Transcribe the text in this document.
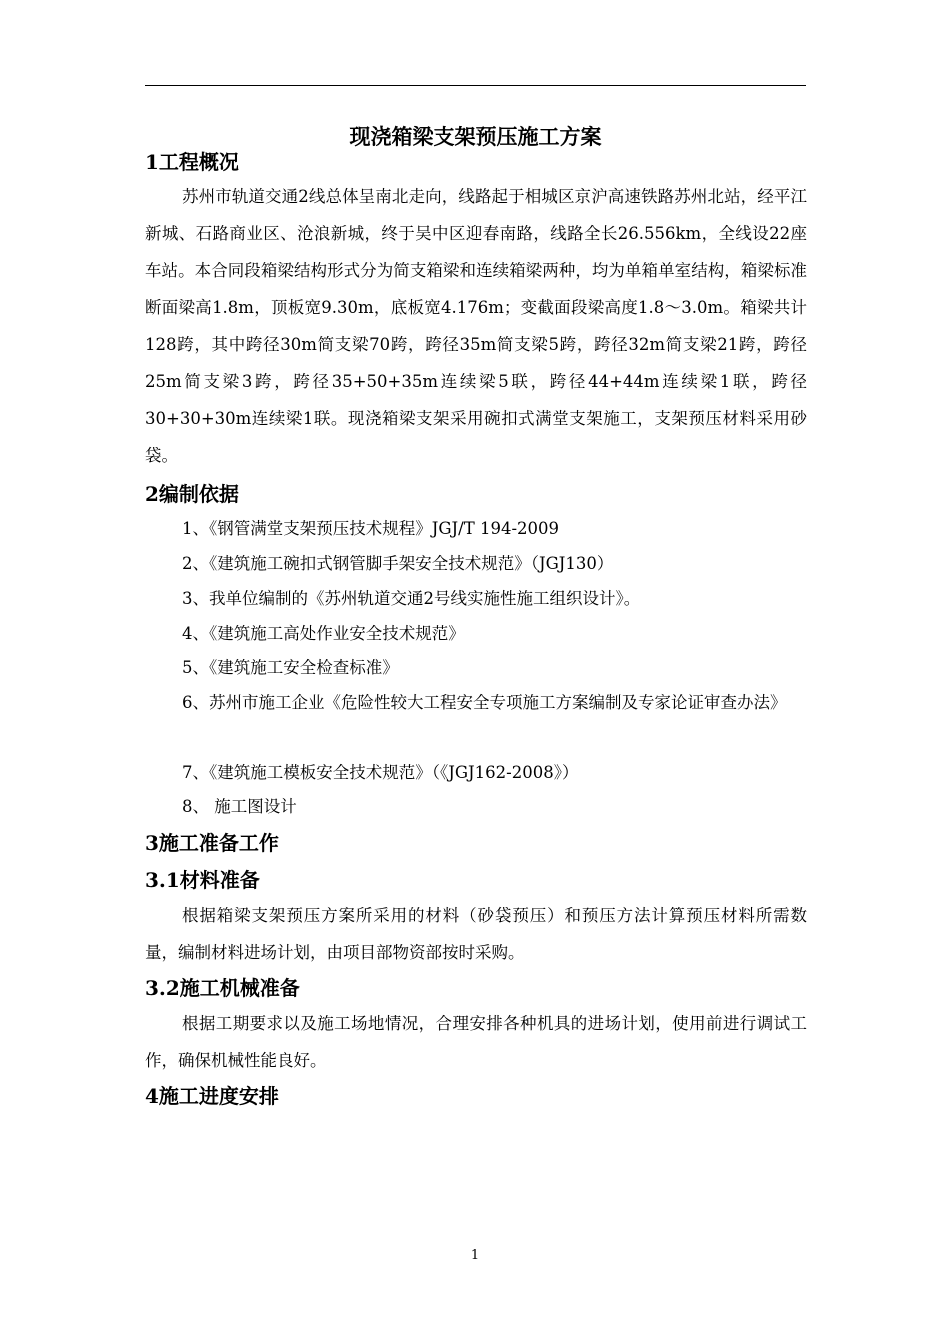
现浇箱梁支架预压施工方案
1工程概况

苏州市轨道交通2线总体呈南北走向，线路起于相城区京沪高速铁路苏州北站，经平江新城、石路商业区、沧浪新城，终于吴中区迎春南路，线路全长26.556km，全线设22座车站。本合同段箱梁结构形式分为简支箱梁和连续箱梁两种，均为单箱单室结构，箱梁标准断面梁高1.8m，顶板宽9.30m，底板宽4.176m；变截面段梁高度1.8～3.0m。箱梁共计128跨，其中跨径30m简支梁70跨，跨径35m简支梁5跨，跨径32m简支梁21跨，跨径25m简支梁3跨，跨径35+50+35m连续梁5联，跨径44+44m连续梁1联，跨径30+30+30m连续梁1联。现浇箱梁支架采用碗扣式满堂支架施工，支架预压材料采用砂袋。

2编制依据

1、《钢管满堂支架预压技术规程》JGJ/T 194-2009

2、《建筑施工碗扣式钢管脚手架安全技术规范》（JGJ130）

3、我单位编制的《苏州轨道交通2号线实施性施工组织设计》。

4、《建筑施工高处作业安全技术规范》

5、《建筑施工安全检查标准》

6、苏州市施工企业《危险性较大工程安全专项施工方案编制及专家论证审查办法》

7、《建筑施工模板安全技术规范》（《JGJ162-2008》）

8、 施工图设计

3施工准备工作
3.1材料准备

根据箱梁支架预压方案所采用的材料（砂袋预压）和预压方法计算预压材料所需数量，编制材料进场计划，由项目部物资部按时采购。

3.2施工机械准备

根据工期要求以及施工场地情况，合理安排各种机具的进场计划，使用前进行调试工作，确保机械性能良好。

4施工进度安排
1
